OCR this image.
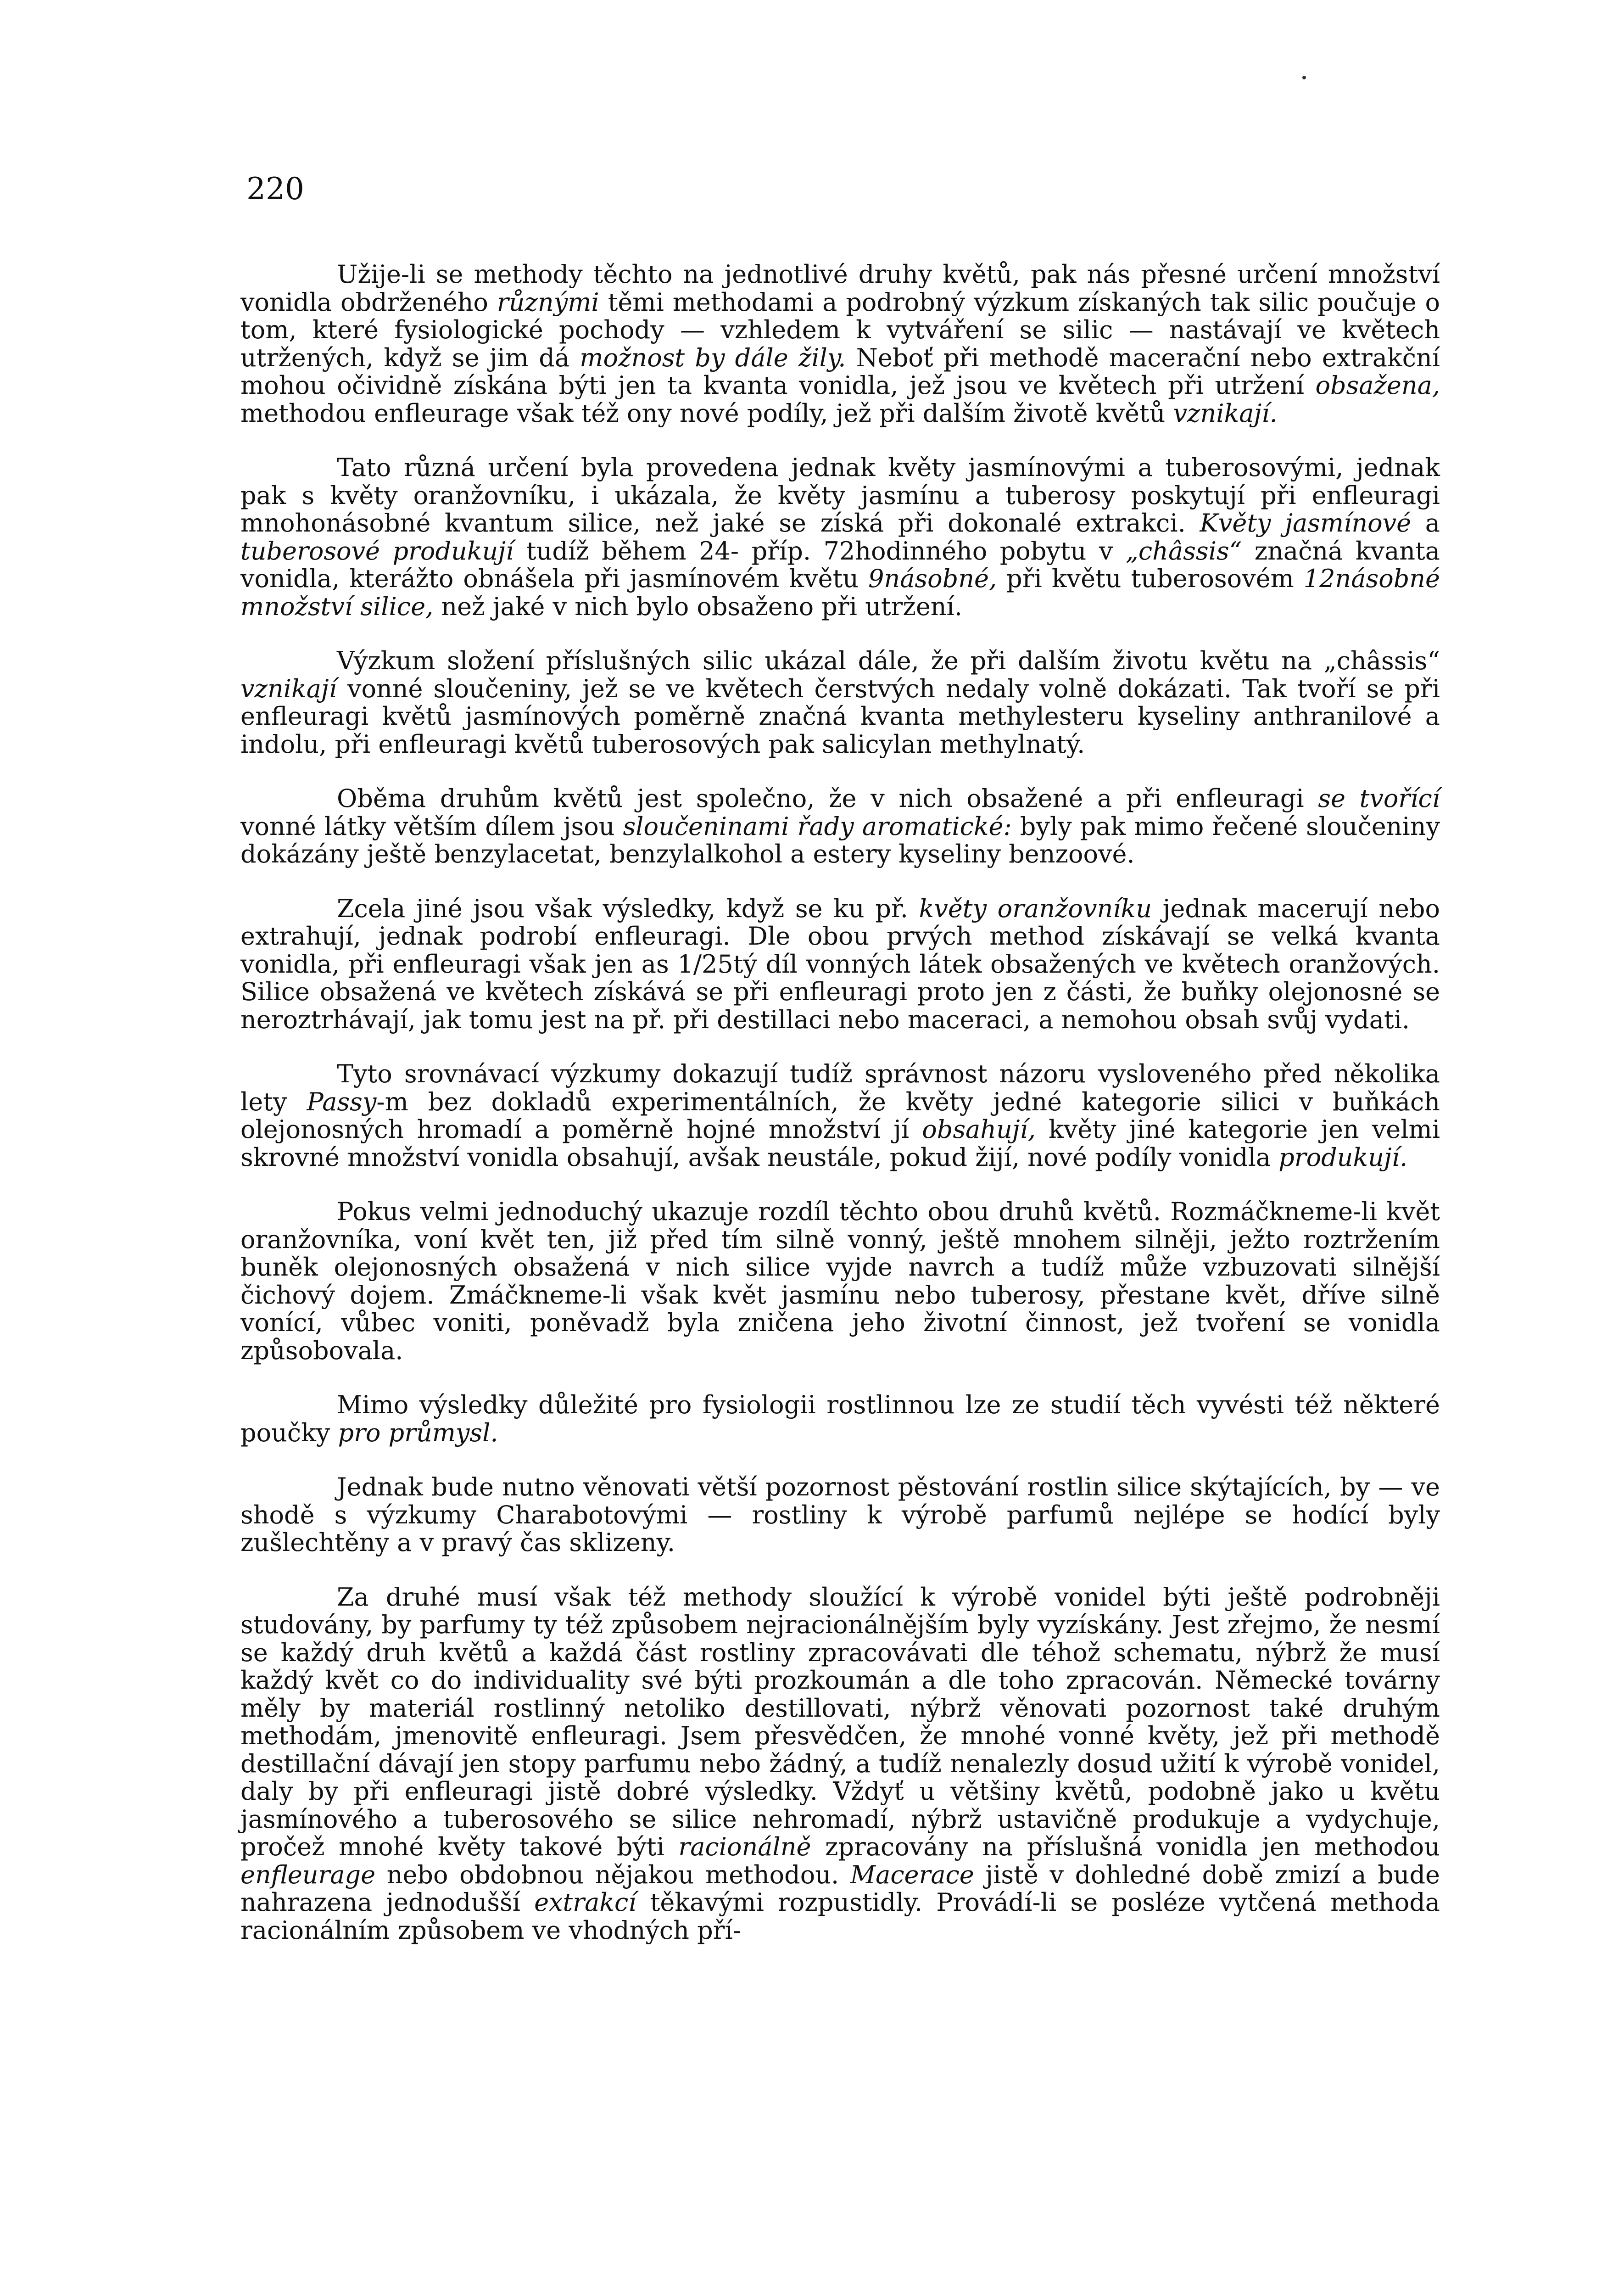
220

Užije-li se methody těchto na jednotlivé druhy květů, pak nás přesné určení množství vonidla obdrženého různými těmi methodami a podrobný výzkum získaných tak silic poučuje o tom, které fysiologické pochody — vzhledem k vytváření se silic — nastávají ve květech utržených, když se jim dá možnost by dále žily. Neboť při methodě macerační nebo extrakční mohou očividně získána býti jen ta kvanta vonidla, jež jsou ve květech při utržení obsažena, methodou enfleurage však též ony nové podíly, jež při dalším životě květů vznikají.

Tato různá určení byla provedena jednak květy jasmínovými a tuberosovými, jednak pak s květy oranžovníku, i ukázala, že květy jasmínu a tuberosy poskytují při enfleuragi mnohonásobné kvantum silice, než jaké se získá při dokonalé extrakci. Květy jasmínové a tuberosové produkují tudíž během 24- příp. 72hodinného pobytu v „châssis“ značná kvanta vonidla, kterážto obnášela při jasmínovém květu 9násobné, při květu tuberosovém 12násobné množství silice, než jaké v nich bylo obsaženo při utržení.

Výzkum složení příslušných silic ukázal dále, že při dalším životu květu na „châssis“ vznikají vonné sloučeniny, jež se ve květech čerstvých nedaly volně dokázati. Tak tvoří se při enfleuragi květů jasmínových poměrně značná kvanta methylesteru kyseliny anthranilové a indolu, při enfleuragi květů tuberosových pak salicylan methylnatý.

Oběma druhům květů jest společno, že v nich obsažené a při enfleuragi se tvořící vonné látky větším dílem jsou sloučeninami řady aromatické: byly pak mimo řečené sloučeniny dokázány ještě benzylacetat, benzylalkohol a estery kyseliny benzoové.

Zcela jiné jsou však výsledky, když se ku př. květy oranžovníku jednak macerují nebo extrahují, jednak podrobí enfleuragi. Dle obou prvých method získávají se velká kvanta vonidla, při enfleuragi však jen as 1/25tý díl vonných látek obsažených ve květech oranžových. Silice obsažená ve květech získává se při enfleuragi proto jen z části, že buňky olejonosné se neroztrhávají, jak tomu jest na př. při destillaci nebo maceraci, a nemohou obsah svůj vydati.

Tyto srovnávací výzkumy dokazují tudíž správnost názoru vysloveného před několika lety Passy-m bez dokladů experimentálních, že květy jedné kategorie silici v buňkách olejonosných hromadí a poměrně hojné množství jí obsahují, květy jiné kategorie jen velmi skrovné množství vonidla obsahují, avšak neustále, pokud žijí, nové podíly vonidla produkují.

Pokus velmi jednoduchý ukazuje rozdíl těchto obou druhů květů. Rozmáčkneme-li květ oranžovníka, voní květ ten, již před tím silně vonný, ještě mnohem silněji, ježto roztržením buněk olejonosných obsažená v nich silice vyjde navrch a tudíž může vzbuzovati silnější čichový dojem. Zmáčkneme-li však květ jasmínu nebo tuberosy, přestane květ, dříve silně vonící, vůbec voniti, poněvadž byla zničena jeho životní činnost, jež tvoření se vonidla způsobovala.

Mimo výsledky důležité pro fysiologii rostlinnou lze ze studií těch vyvésti též některé poučky pro průmysl.

Jednak bude nutno věnovati větší pozornost pěstování rostlin silice skýtajících, by — ve shodě s výzkumy Charabotovými — rostliny k výrobě parfumů nejlépe se hodící byly zušlechtěny a v pravý čas sklizeny.

Za druhé musí však též methody sloužící k výrobě vonidel býti ještě podrobněji studovány, by parfumy ty též způsobem nejracionálnějším byly vyzískány. Jest zřejmo, že nesmí se každý druh květů a každá část rostliny zpracovávati dle téhož schematu, nýbrž že musí každý květ co do individuality své býti prozkoumán a dle toho zpracován. Německé továrny měly by materiál rostlinný netoliko destillovati, nýbrž věnovati pozornost také druhým methodám, jmenovitě enfleuragi. Jsem přesvědčen, že mnohé vonné květy, jež při methodě destillační dávají jen stopy parfumu nebo žádný, a tudíž nenalezly dosud užití k výrobě vonidel, daly by při enfleuragi jistě dobré výsledky. Vždyť u většiny květů, podobně jako u květu jasmínového a tuberosového se silice nehromadí, nýbrž ustavičně produkuje a vydychuje, pročež mnohé květy takové býti racionálně zpracovány na příslušná vonidla jen methodou enfleurage nebo obdobnou nějakou methodou. Macerace jistě v dohledné době zmizí a bude nahrazena jednodušší extrakcí těkavými rozpustidly. Provádí-li se posléze vytčená methoda racionálním způsobem ve vhodných pří-
